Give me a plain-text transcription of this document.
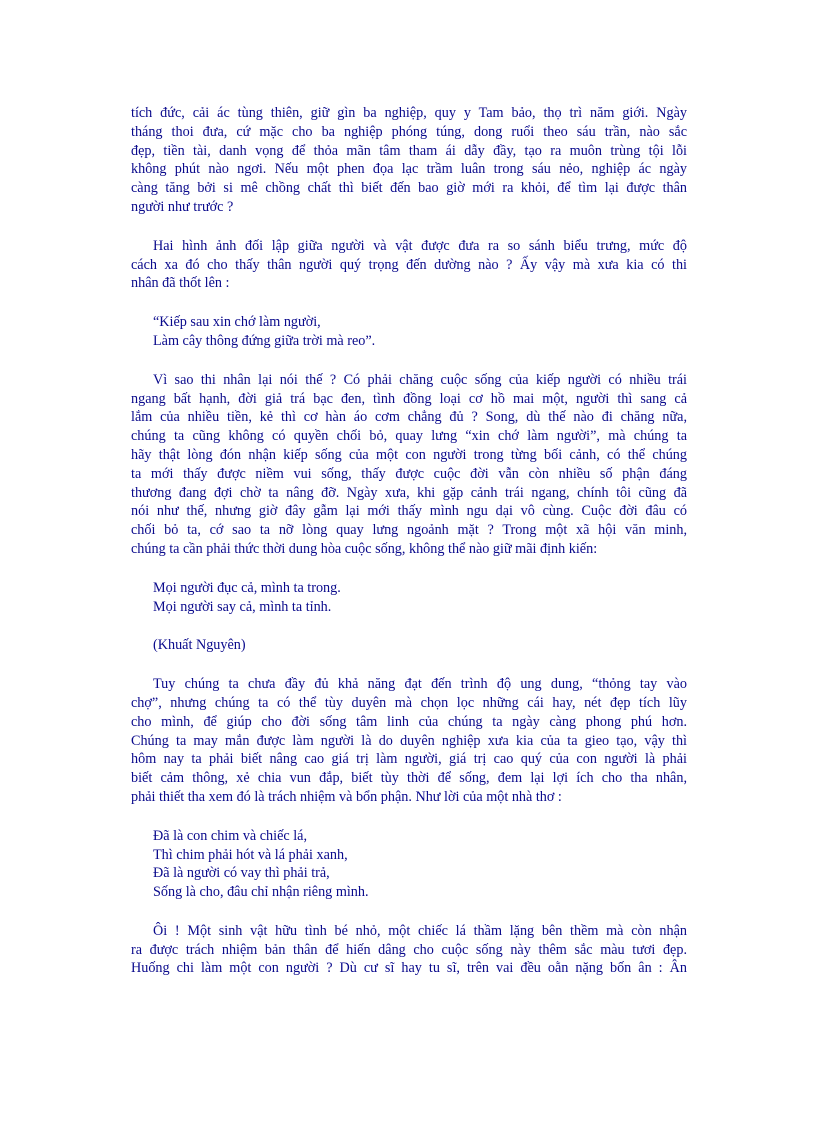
tích đức, cải ác tùng thiên, giữ gìn ba nghiệp, quy y Tam bảo, thọ trì năm giới. Ngày
tháng thoi đưa, cứ mặc cho ba nghiệp phóng túng, dong ruổi theo sáu trần, nào sắc
đẹp, tiền tài, danh vọng để thỏa mãn tâm tham ái dẫy đầy, tạo ra muôn trùng tội lỗi
không phút nào ngơi. Nếu một phen đọa lạc trầm luân trong sáu nẻo, nghiệp ác ngày
càng tăng bởi si mê chồng chất thì biết đến bao giờ mới ra khỏi, để tìm lại được thân
người như trước ?
Hai hình ảnh đối lập giữa người và vật được đưa ra so sánh biểu trưng, mức độ
cách xa đó cho thấy thân người quý trọng đến dường nào ? Ấy vậy mà xưa kia có thi
nhân đã thốt lên :
“Kiếp sau xin chớ làm người,
Làm cây thông đứng giữa trời mà reo”.
Vì sao thi nhân lại nói thế ? Có phải chăng cuộc sống của kiếp người có nhiều trái
ngang bất hạnh, đời giả trá bạc đen, tình đồng loại cơ hồ mai một, người thì sang cả
lắm của nhiều tiền, kẻ thì cơ hàn áo cơm chẳng đủ ? Song, dù thế nào đi chăng nữa,
chúng ta cũng không có quyền chối bỏ, quay lưng “xin chớ làm người”, mà chúng ta
hãy thật lòng đón nhận kiếp sống của một con người trong từng bối cảnh, có thể chúng
ta mới thấy được niềm vui sống, thấy được cuộc đời vẫn còn nhiều số phận đáng
thương đang đợi chờ ta nâng đỡ. Ngày xưa, khi gặp cảnh trái ngang, chính tôi cũng đã
nói như thế, nhưng giờ đây gẫm lại mới thấy mình ngu dại vô cùng. Cuộc đời đâu có
chối bỏ ta, cớ sao ta nỡ lòng quay lưng ngoảnh mặt ? Trong một xã hội văn minh,
chúng ta cần phải thức thời dung hòa cuộc sống, không thể nào giữ mãi định kiến:
Mọi người đục cả, mình ta trong.
Mọi người say cả, mình ta tỉnh.
(Khuất Nguyên)
Tuy chúng ta chưa đầy đủ khả năng đạt đến trình độ ung dung, “thỏng tay vào
chợ”, nhưng chúng ta có thể tùy duyên mà chọn lọc những cái hay, nét đẹp tích lũy
cho mình, để giúp cho đời sống tâm linh của chúng ta ngày càng phong phú hơn.
Chúng ta may mắn được làm người là do duyên nghiệp xưa kia của ta gieo tạo, vậy thì
hôm nay ta phải biết nâng cao giá trị làm người, giá trị cao quý của con người là phải
biết cảm thông, xẻ chia vun đắp, biết tùy thời để sống, đem lại lợi ích cho tha nhân,
phải thiết tha xem đó là trách nhiệm và bổn phận. Như lời của một nhà thơ :
Đã là con chim và chiếc lá,
Thì chim phải hót và lá phải xanh,
Đã là người có vay thì phải trả,
Sống là cho, đâu chỉ nhận riêng mình.
Ôi ! Một sinh vật hữu tình bé nhỏ, một chiếc lá thầm lặng bên thềm mà còn nhận
ra được trách nhiệm bản thân để hiến dâng cho cuộc sống này thêm sắc màu tươi đẹp.
Huống chi làm một con người ? Dù cư sĩ hay tu sĩ, trên vai đều oằn nặng bốn ân : Ân
